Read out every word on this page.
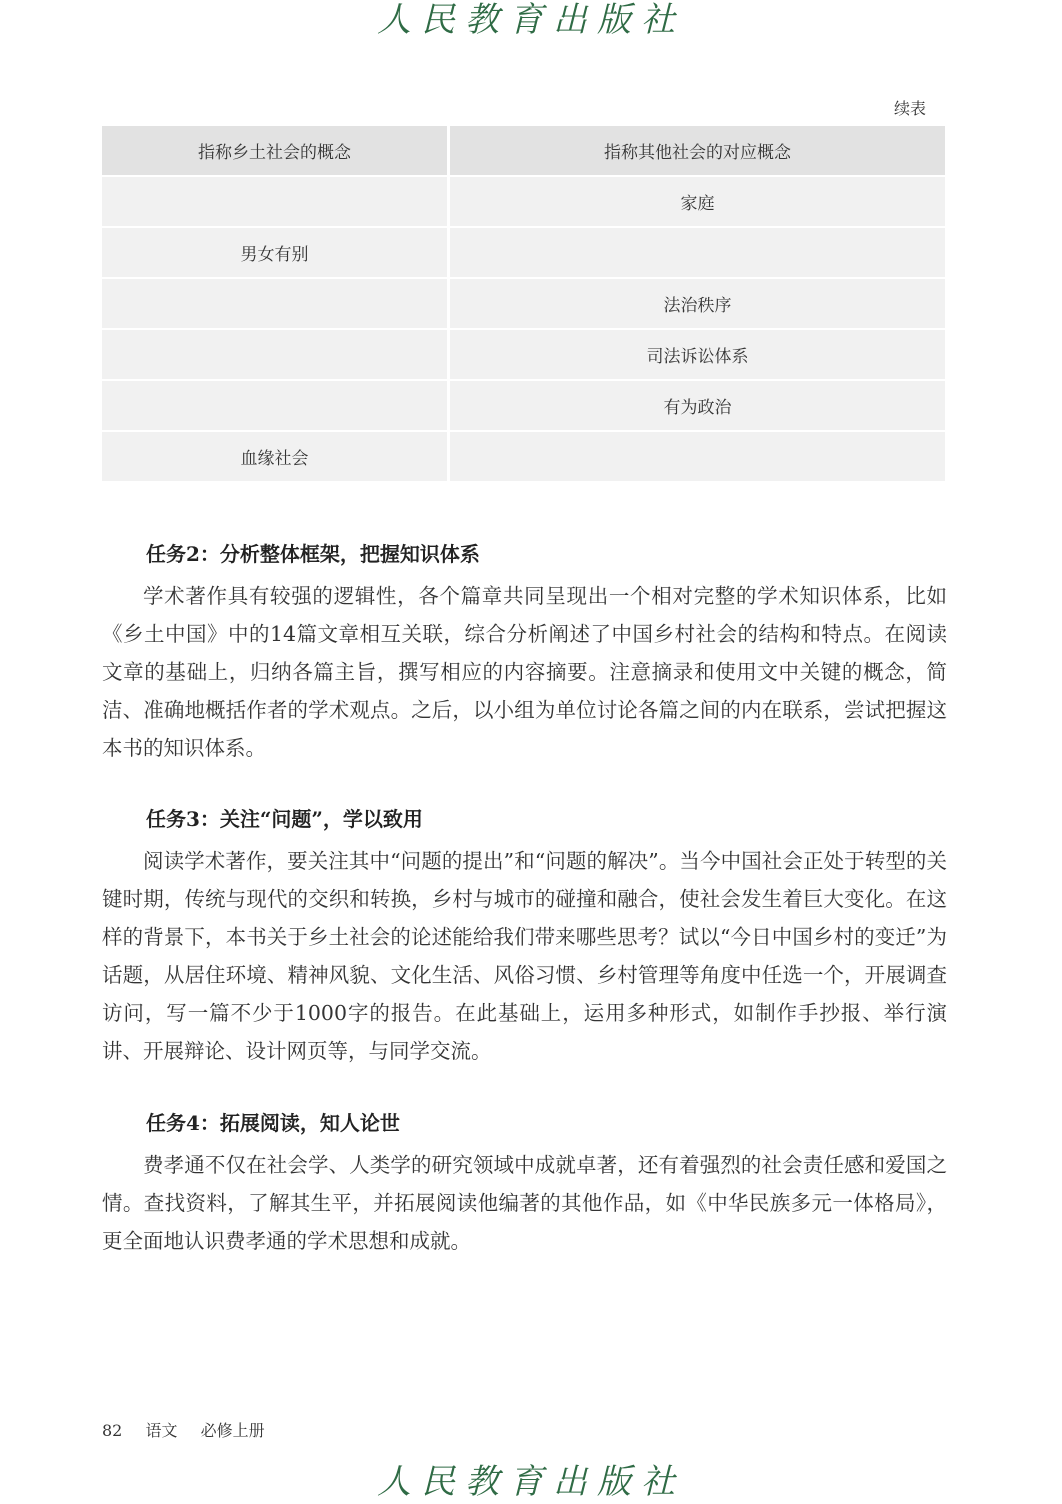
人民教育出版社
续表
指称乡土社会的概念	指称其他社会的对应概念
	家庭
男女有别	
	法治秩序
	司法诉讼体系
	有为政治
血缘社会	
任务2：分析整体框架，把握知识体系

学术著作具有较强的逻辑性，各个篇章共同呈现出一个相对完整的学术知识体系，比如《乡土中国》中的14篇文章相互关联，综合分析阐述了中国乡村社会的结构和特点。在阅读文章的基础上，归纳各篇主旨，撰写相应的内容摘要。注意摘录和使用文中关键的概念，简洁、准确地概括作者的学术观点。之后，以小组为单位讨论各篇之间的内在联系，尝试把握这本书的知识体系。

任务3：关注“问题”，学以致用

阅读学术著作，要关注其中“问题的提出”和“问题的解决”。当今中国社会正处于转型的关键时期，传统与现代的交织和转换，乡村与城市的碰撞和融合，使社会发生着巨大变化。在这样的背景下，本书关于乡土社会的论述能给我们带来哪些思考？试以“今日中国乡村的变迁”为话题，从居住环境、精神风貌、文化生活、风俗习惯、乡村管理等角度中任选一个，开展调查访问，写一篇不少于1000字的报告。在此基础上，运用多种形式，如制作手抄报、举行演讲、开展辩论、设计网页等，与同学交流。

任务4：拓展阅读，知人论世

费孝通不仅在社会学、人类学的研究领域中成就卓著，还有着强烈的社会责任感和爱国之情。查找资料，了解其生平，并拓展阅读他编著的其他作品，如《中华民族多元一体格局》，更全面地认识费孝通的学术思想和成就。

82 语文 必修上册
人民教育出版社
